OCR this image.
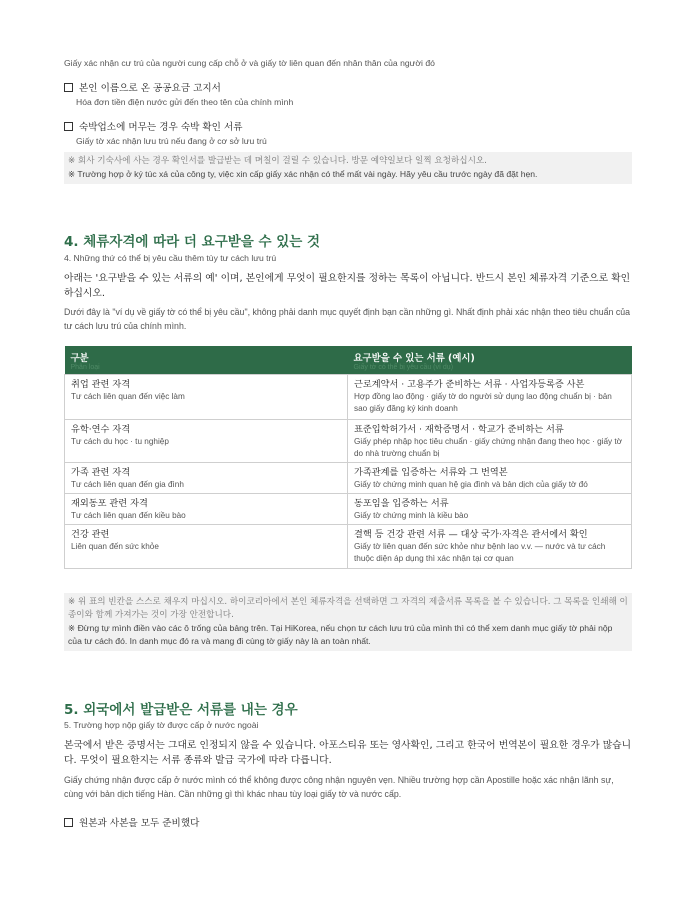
Giấy xác nhận cư trú của người cung cấp chỗ ở và giấy tờ liên quan đến nhân thân của người đó
본인 이름으로 온 공공요금 고지서
Hóa đơn tiền điện nước gửi đến theo tên của chính mình
숙박업소에 머무는 경우 숙박 확인 서류
Giấy tờ xác nhận lưu trú nếu đang ở cơ sở lưu trú
※ 회사 기숙사에 사는 경우 확인서를 발급받는 데 며칠이 걸릴 수 있습니다. 방문 예약일보다 일찍 요청하십시오.
※ Trường hợp ở ký túc xá của công ty, việc xin cấp giấy xác nhận có thể mất vài ngày. Hãy yêu cầu trước ngày đã đặt hẹn.
4. 체류자격에 따라 더 요구받을 수 있는 것
4. Những thứ có thể bị yêu cầu thêm tùy tư cách lưu trú
아래는 '요구받을 수 있는 서류의 예' 이며, 본인에게 무엇이 필요한지를 정하는 목록이 아닙니다. 반드시 본인 체류자격 기준으로 확인하십시오.
Dưới đây là "ví dụ về giấy tờ có thể bị yêu cầu", không phải danh mục quyết định bạn cần những gì. Nhất định phải xác nhận theo tiêu chuẩn của tư cách lưu trú của chính mình.
구분
Phân loại	요구받을 수 있는 서류 (예시)
Giấy tờ có thể bị yêu cầu (ví dụ)

취업 관련 자격
Tư cách liên quan đến việc làm	근로계약서 · 고용주가 준비하는 서류 · 사업자등록증 사본
Hợp đồng lao động · giấy tờ do người sử dụng lao động chuẩn bị · bản sao giấy đăng ký kinh doanh

유학·연수 자격
Tư cách du học · tu nghiệp	표준입학허가서 · 재학증명서 · 학교가 준비하는 서류
Giấy phép nhập học tiêu chuẩn · giấy chứng nhận đang theo học · giấy tờ do nhà trường chuẩn bị

가족 관련 자격
Tư cách liên quan đến gia đình	가족관계를 입증하는 서류와 그 번역본
Giấy tờ chứng minh quan hệ gia đình và bản dịch của giấy tờ đó

재외동포 관련 자격
Tư cách liên quan đến kiều bào	동포임을 입증하는 서류
Giấy tờ chứng minh là kiều bào

건강 관련
Liên quan đến sức khỏe	결핵 등 건강 관련 서류 — 대상 국가·자격은 관서에서 확인
Giấy tờ liên quan đến sức khỏe như bệnh lao v.v. — nước và tư cách thuộc diện áp dụng thì xác nhận tại cơ quan
※ 위 표의 빈칸을 스스로 채우지 마십시오. 하이코리아에서 본인 체류자격을 선택하면 그 자격의 제출서류 목록을 볼 수 있습니다. 그 목록을 인쇄해 이 종이와 함께 가져가는 것이 가장 안전합니다.
※ Đừng tự mình điền vào các ô trống của bảng trên. Tại HiKorea, nếu chọn tư cách lưu trú của mình thì có thể xem danh mục giấy tờ phải nộp của tư cách đó. In danh mục đó ra và mang đi cùng tờ giấy này là an toàn nhất.
5. 외국에서 발급받은 서류를 내는 경우
5. Trường hợp nộp giấy tờ được cấp ở nước ngoài
본국에서 받은 증명서는 그대로 인정되지 않을 수 있습니다. 아포스티유 또는 영사확인, 그리고 한국어 번역본이 필요한 경우가 많습니다. 무엇이 필요한지는 서류 종류와 발급 국가에 따라 다릅니다.
Giấy chứng nhận được cấp ở nước mình có thể không được công nhận nguyên vẹn. Nhiều trường hợp cần Apostille hoặc xác nhận lãnh sự, cùng với bản dịch tiếng Hàn. Cần những gì thì khác nhau tùy loại giấy tờ và nước cấp.
원본과 사본을 모두 준비했다
